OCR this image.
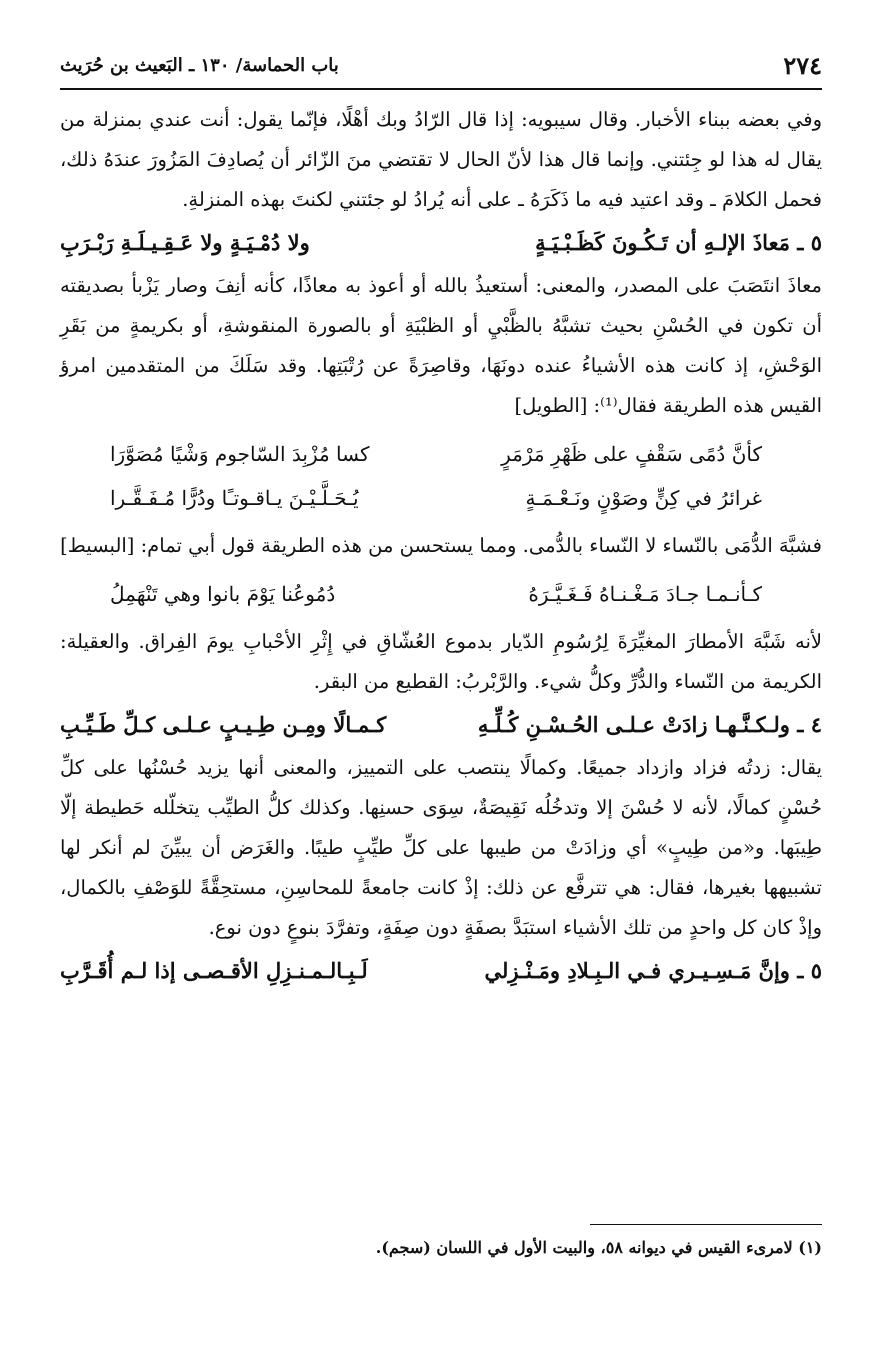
٢٧٤
باب الحماسة/ ١٣٠ ـ البَعيث بن حُرَيث

وفي بعضه ببناء الأخبار. وقال سيبويه: إذا قال الرّادُ وبك أهْلًا، فإنّما يقول: أنت عندي بمنزلة من يقال له هذا لو جِئتني. وإنما قال هذا لأنّ الحال لا تقتضي منَ الزّائر أن يُصادِفَ المَزُورَ عندَهُ ذلك، فحمل الكلامَ ـ وقد اعتيد فيه ما ذَكَرَهُ ـ على أنه يُرادُ لو جئتني لكنتَ بهذه المنزلةِ.

٥ ـ مَعاذَ الإلـهِ أن تَـكُـونَ كَظَـبْـيَـةٍ
ولا دُمْـيَـةٍ ولا عَـقِـيـلَـةِ رَبْـرَبِ

معاذَ انتَصَبَ على المصدر، والمعنى: أستعيذُ بالله أو أعوذ به معاذًا، كأنه أنِفَ وصار يَزْبأ بصديقته أن تكون في الحُسْنِ بحيث تشبَّهُ بالظَّبْيِ أو الظبْيَةِ أو بالصورة المنقوشةِ، أو بكريمةٍ من بَقَرِ الوَحْشِ، إذ كانت هذه الأشياءُ عنده دونَهَا، وقاصِرَةً عن رُتْبَتِها. وقد سَلَكَ من المتقدمين امرؤ القيس هذه الطريقة فقال⁽¹⁾: [الطويل]

كأنَّ دُمًى سَقْفٍ على ظَهْرِ مَرْمَرٍ
كسا مُزْبِدَ السّاجوم وَشْيًا مُصَوَّرَا
غرائرُ في كِنٍّ وصَوْنٍ ونَـعْـمَـةٍ
يُـحَـلَّـيْـنَ يـاقـوتـًا ودُرًّا مُـفَـقَّـرا

فشبَّهَ الدُّمَى بالنّساء لا النّساء بالدُّمى. ومما يستحسن من هذه الطريقة قول أبي تمام: [البسيط]

كـأنـمـا جـادَ مَـغْـنـاهُ فَـغَـيَّـرَهُ
دُمُوعُنا يَوْمَ بانوا وهي تَنْهَمِلُ

لأنه شَبَّهَ الأمطارَ المغيِّرَةَ لِرُسُومِ الدّيار بدموع العُشّاقِ في إِثْرِ الأحْبابِ يومَ الفِراق. والعقيلة: الكريمة من النّساء والدُّرِّ وكلُّ شيء. والرَّبْربُ: القطيع من البقر.

٤ ـ ولـكـنَّـهـا زادَتْ عـلـى الحُـسْـنِ كُـلِّـهِ
كـمـالًا ومِـن طِـيـبٍ عـلـى كـلِّ طَـيِّـبِ

يقال: زدتُه فزاد وازداد جميعًا. وكمالًا ينتصب على التمييز، والمعنى أنها يزيد حُسْنُها على كلِّ حُسْنٍ كمالًا، لأنه لا حُسْنَ إلا وتدخُلُه نَقِيصَةٌ، سِوَى حسنِها. وكذلك كلُّ الطيِّب يتخلّله حَطيطة إلّا طِيبَها. و«من طِيبٍ» أي وزادَتْ من طيبها على كلِّ طيِّبٍ طيبًا. والغَرَض أن يبيِّنَ لم أنكر لها تشبيهها بغيرها، فقال: هي تترفَّع عن ذلك: إذْ كانت جامعةً للمحاسِنِ، مستحِقَّةً للوَصْفِ بالكمال، وإذْ كان كل واحدٍ من تلك الأشياء استبَدَّ بصفَةٍ دون صِفَةٍ، وتفرَّدَ بنوعٍ دون نوع.

٥ ـ وإنَّ مَـسِـيـري فـي الـبِـلادِ ومَـنْـزِلي
لَـبِـالـمـنـزِلِ الأقـصـى إذا لـم أُقَـرَّبِ
(١) لامرىء القيس في ديوانه ٥٨، والبيت الأول في اللسان (سجم).
